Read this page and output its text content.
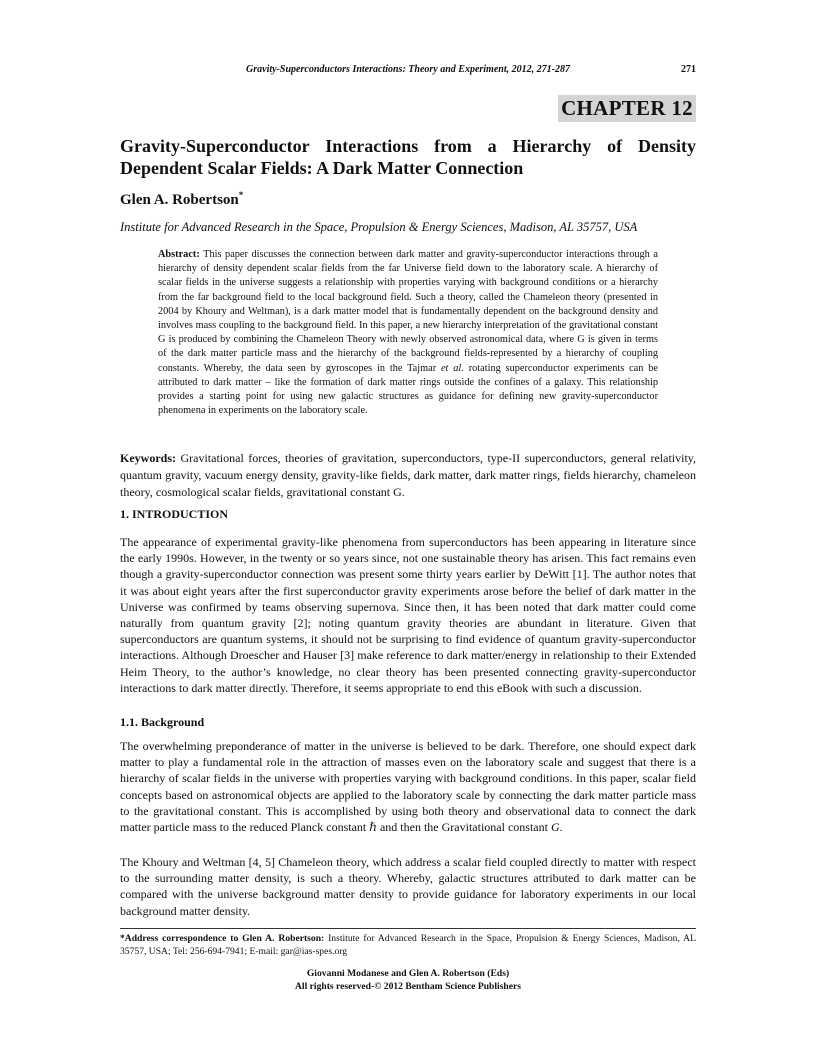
Gravity-Superconductors Interactions: Theory and Experiment, 2012, 271-287	271
CHAPTER 12
Gravity-Superconductor Interactions from a Hierarchy of Density Dependent Scalar Fields: A Dark Matter Connection
Glen A. Robertson*
Institute for Advanced Research in the Space, Propulsion & Energy Sciences, Madison, AL 35757, USA

Abstract: This paper discusses the connection between dark matter and gravity-superconductor interactions through a hierarchy of density dependent scalar fields from the far Universe field down to the laboratory scale. A hierarchy of scalar fields in the universe suggests a relationship with properties varying with background conditions or a hierarchy from the far background field to the local background field. Such a theory, called the Chameleon theory (presented in 2004 by Khoury and Weltman), is a dark matter model that is fundamentally dependent on the background density and involves mass coupling to the background field. In this paper, a new hierarchy interpretation of the gravitational constant G is produced by combining the Chameleon Theory with newly observed astronomical data, where G is given in terms of the dark matter particle mass and the hierarchy of the background fields-represented by a hierarchy of coupling constants. Whereby, the data seen by gyroscopes in the Tajmar et al. rotating superconductor experiments can be attributed to dark matter – like the formation of dark matter rings outside the confines of a galaxy. This relationship provides a starting point for using new galactic structures as guidance for defining new gravity-superconductor phenomena in experiments on the laboratory scale.

Keywords: Gravitational forces, theories of gravitation, superconductors, type-II superconductors, general relativity, quantum gravity, vacuum energy density, gravity-like fields, dark matter, dark matter rings, fields hierarchy, chameleon theory, cosmological scalar fields, gravitational constant G.

1. INTRODUCTION

The appearance of experimental gravity-like phenomena from superconductors has been appearing in literature since the early 1990s. However, in the twenty or so years since, not one sustainable theory has arisen. This fact remains even though a gravity-superconductor connection was present some thirty years earlier by DeWitt [1]. The author notes that it was about eight years after the first superconductor gravity experiments arose before the belief of dark matter in the Universe was confirmed by teams observing supernova. Since then, it has been noted that dark matter could come naturally from quantum gravity [2]; noting quantum gravity theories are abundant in literature. Given that superconductors are quantum systems, it should not be surprising to find evidence of quantum gravity-superconductor interactions. Although Droescher and Hauser [3] make reference to dark matter/energy in relationship to their Extended Heim Theory, to the author’s knowledge, no clear theory has been presented connecting gravity-superconductor interactions to dark matter directly. Therefore, it seems appropriate to end this eBook with such a discussion.

1.1. Background

The overwhelming preponderance of matter in the universe is believed to be dark. Therefore, one should expect dark matter to play a fundamental role in the attraction of masses even on the laboratory scale and suggest that there is a hierarchy of scalar fields in the universe with properties varying with background conditions. In this paper, scalar field concepts based on astronomical objects are applied to the laboratory scale by connecting the dark matter particle mass to the gravitational constant. This is accomplished by using both theory and observational data to connect the dark matter particle mass to the reduced Planck constant ℏ and then the Gravitational constant G.

The Khoury and Weltman [4, 5] Chameleon theory, which address a scalar field coupled directly to matter with respect to the surrounding matter density, is such a theory. Whereby, galactic structures attributed to dark matter can be compared with the universe background matter density to provide guidance for laboratory experiments in our local background matter density.

*Address correspondence to Glen A. Robertson: Institute for Advanced Research in the Space, Propulsion & Energy Sciences, Madison, AL 35757, USA; Tel: 256-694-7941; E-mail: gar@ias-spes.org

Giovanni Modanese and Glen A. Robertson (Eds)
All rights reserved-© 2012 Bentham Science Publishers
